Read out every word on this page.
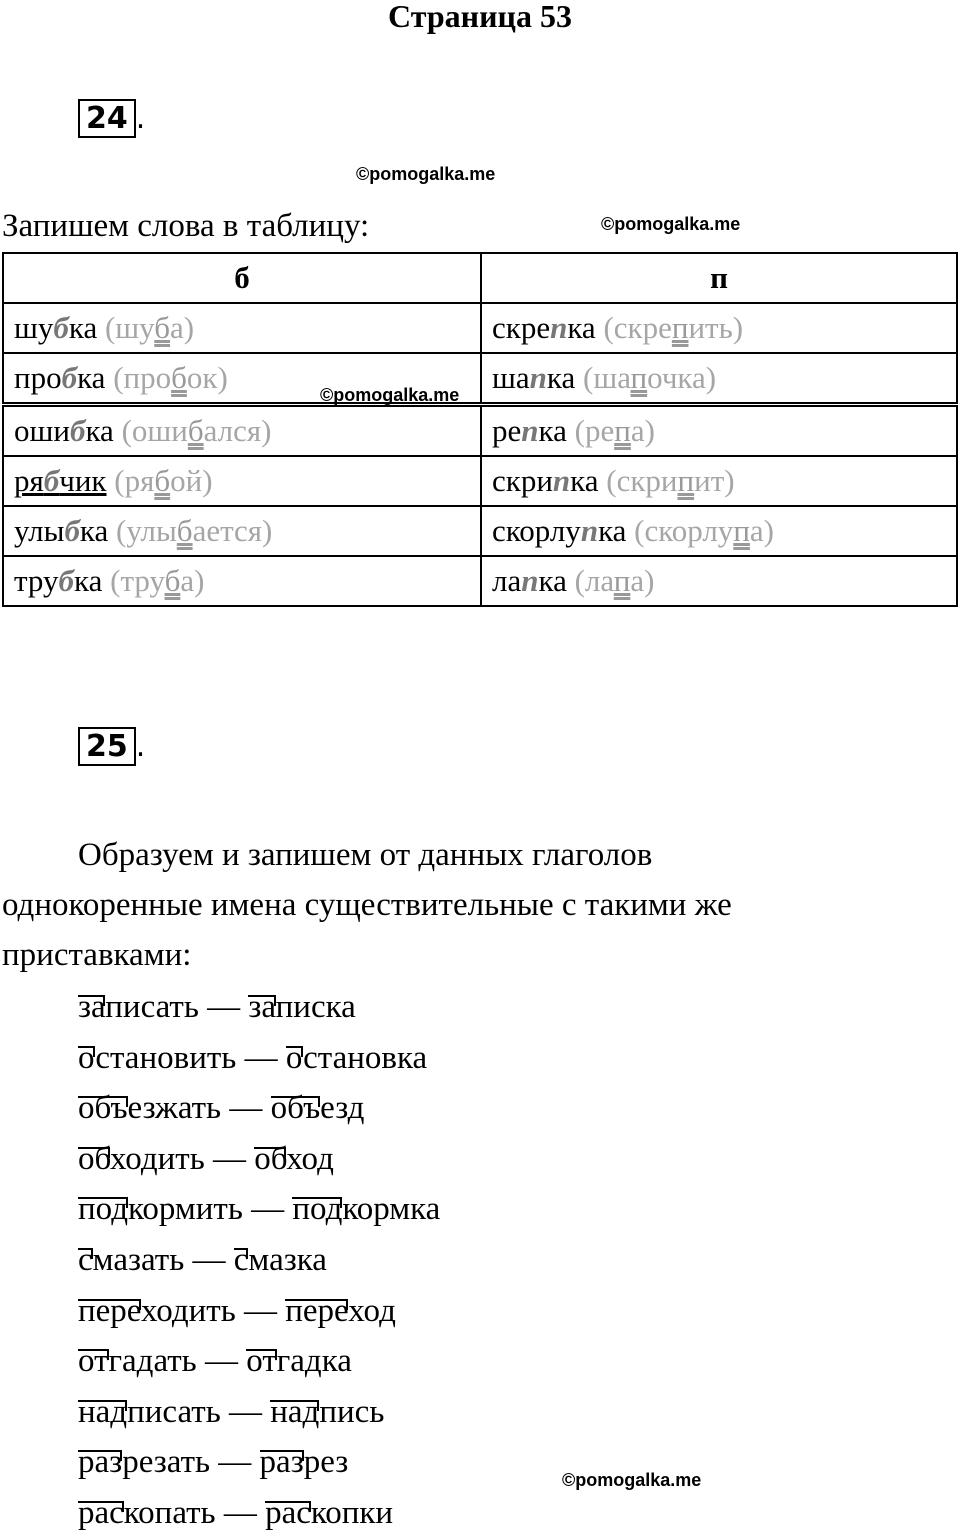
Страница 53
24 .
©pomogalka.me
Запишем слова в таблицу:	©pomogalka.me
б	п
шубка (шуба)	скрепка (скрепить)
пробка (пробок)	шапка (шапочка)
ошибка (ошибался)	репка (репа)
рябчик (рябой)	скрипка (скрипит)
улыбка (улыбается)	скорлупка (скорлупа)
трубка (труба)	лапка (лапа)
©pomogalka.me
25 .
Образуем и запишем от данных глаголов
однокоренные имена существительные с такими же
приставками:
записать — записка
остановить — остановка
объезжать — объезд
обходить — обход
подкормить — подкормка
смазать — смазка
переходить — переход
отгадать — отгадка
надписать — надпись
разрезать — разрез
раскопать — раскопки
©pomogalka.me
